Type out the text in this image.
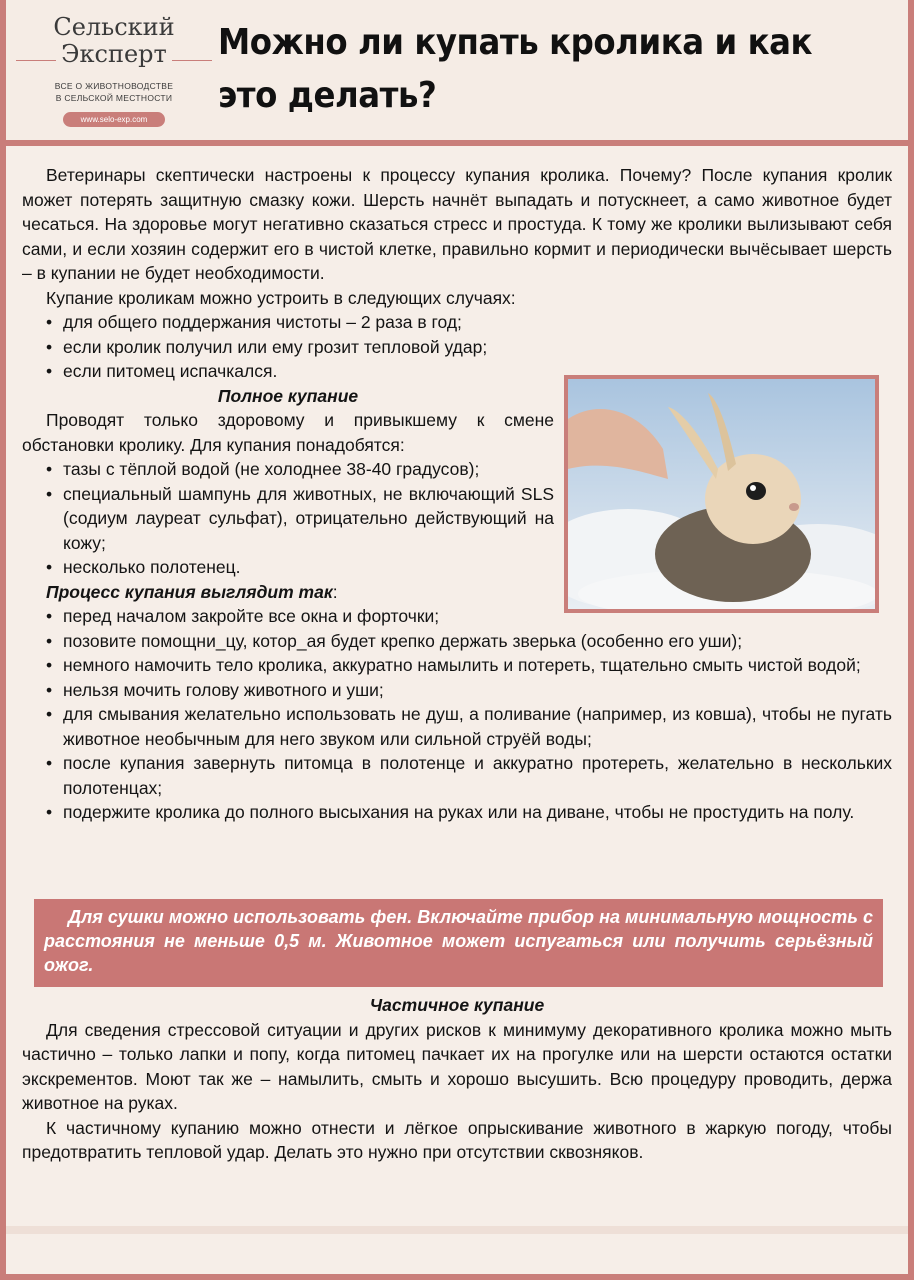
Сельский
Эксперт
ВСЕ О ЖИВОТНОВОДСТВЕ
В СЕЛЬСКОЙ МЕСТНОСТИ
www.selo-exp.com
Можно ли купать кролика и как это делать?

Ветеринары скептически настроены к процессу купания кролика. Почему? После купания кролик может потерять защитную смазку кожи. Шерсть начнёт выпадать и потускнеет, а само животное будет чесаться. На здоровье могут негативно сказаться стресс и простуда. К тому же кролики вылизывают себя сами, и если хозяин содержит его в чистой клетке, правильно кормит и периодически вычёсывает шерсть – в купании не будет необходимости.

Купание кроликам можно устроить в следующих случаях:

• для общего поддержания чистоты – 2 раза в год;
• если кролик получил или ему грозит тепловой удар;
• если питомец испачкался.
Полное купание

Проводят только здоровому и привыкшему к смене обстановки кролику. Для купания понадобятся:

• тазы с тёплой водой (не холоднее 38-40 градусов);
• специальный шампунь для животных, не включающий SLS (содиум лауреат сульфат), отрицательно действующий на кожу;
• несколько полотенец.
Процесс купания выглядит так:
• перед началом закройте все окна и форточки;
• позовите помощни_цу, котор_ая будет крепко держать зверька (особенно его уши);
• немного намочить тело кролика, аккуратно намылить и потереть, тщательно смыть чистой водой;
• нельзя мочить голову животного и уши;
• для смывания желательно использовать не душ, а поливание (например, из ковша), чтобы не пугать животное необычным для него звуком или сильной струёй воды;
• после купания завернуть питомца в полотенце и аккуратно протереть, желательно в нескольких полотенцах;
• подержите кролика до полного высыхания на руках или на диване, чтобы не простудить на полу.
Для сушки можно использовать фен. Включайте прибор на минимальную мощность с расстояния не меньше 0,5 м. Животное может испугаться или получить серьёзный ожог.
Частичное купание

Для сведения стрессовой ситуации и других рисков к минимуму декоративного кролика можно мыть частично – только лапки и попу, когда питомец пачкает их на прогулке или на шерсти остаются остатки экскрементов. Моют так же – намылить, смыть и хорошо высушить. Всю процедуру проводить, держа животное на руках.

К частичному купанию можно отнести и лёгкое опрыскивание животного в жаркую погоду, чтобы предотвратить тепловой удар. Делать это нужно при отсутствии сквозняков.
